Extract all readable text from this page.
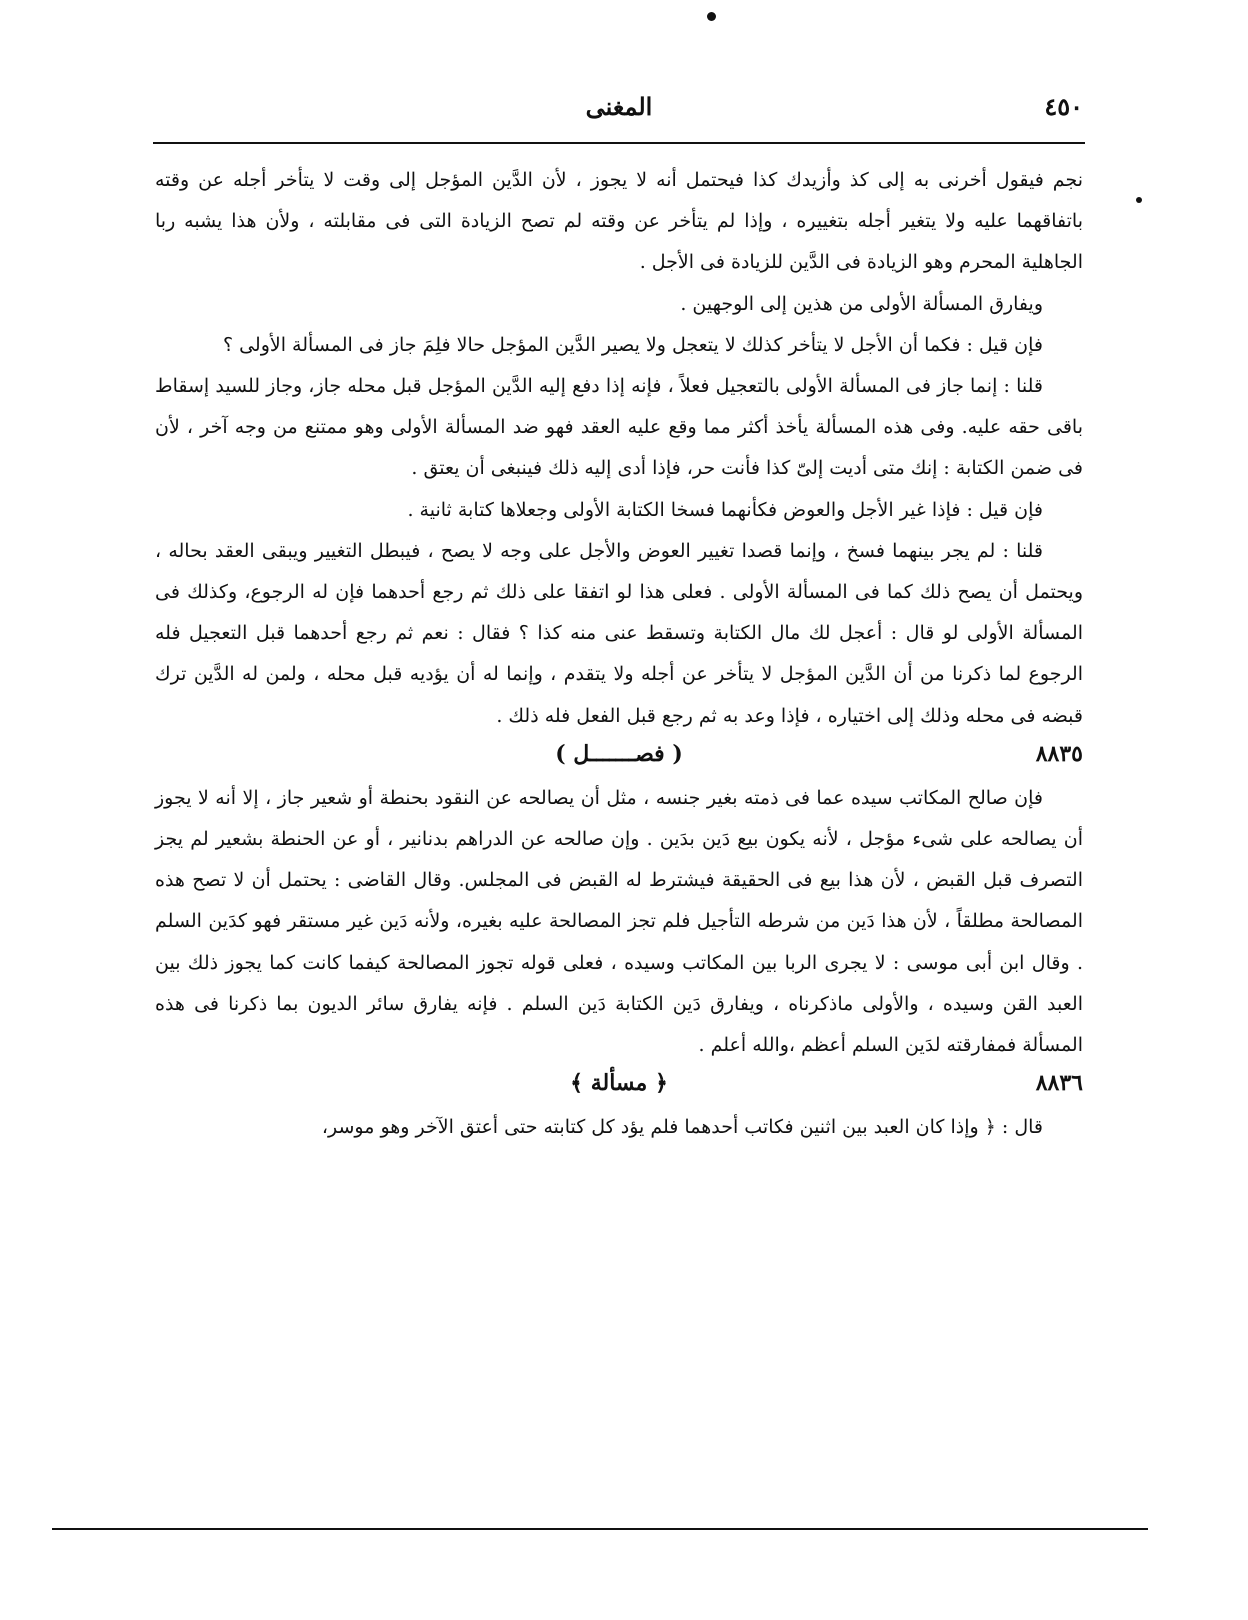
٤٥٠
المغنى

نجم فيقول أخرنى به إلى كذ وأزيدك كذا فيحتمل أنه لا يجوز ، لأن الدَّين المؤجل إلى وقت لا يتأخر أجله عن وقته باتفاقهما عليه ولا يتغير أجله بتغييره ، وإذا لم يتأخر عن وقته لم تصح الزيادة التى فى مقابلته ، ولأن هذا يشبه ربا الجاهلية المحرم وهو الزيادة فى الدَّين للزيادة فى الأجل .

ويفارق المسألة الأولى من هذين إلى الوجهين .

فإن قيل : فكما أن الأجل لا يتأخر كذلك لا يتعجل ولا يصير الدَّين المؤجل حالا فلِمَ جاز فى المسألة الأولى ؟

قلنا : إنما جاز فى المسألة الأولى بالتعجيل فعلاً ، فإنه إذا دفع إليه الدَّين المؤجل قبل محله جاز، وجاز للسيد إسقاط باقى حقه عليه. وفى هذه المسألة يأخذ أكثر مما وقع عليه العقد فهو ضد المسألة الأولى وهو ممتنع من وجه آخر ، لأن فى ضمن الكتابة : إنك متى أديت إلىّ كذا فأنت حر، فإذا أدى إليه ذلك فينبغى أن يعتق .

فإن قيل : فإذا غير الأجل والعوض فكأنهما فسخا الكتابة الأولى وجعلاها كتابة ثانية .

قلنا : لم يجر بينهما فسخ ، وإنما قصدا تغيير العوض والأجل على وجه لا يصح ، فيبطل التغيير ويبقى العقد بحاله ، ويحتمل أن يصح ذلك كما فى المسألة الأولى . فعلى هذا لو اتفقا على ذلك ثم رجع أحدهما فإن له الرجوع، وكذلك فى المسألة الأولى لو قال : أعجل لك مال الكتابة وتسقط عنى منه كذا ؟ فقال : نعم ثم رجع أحدهما قبل التعجيل فله الرجوع لما ذكرنا من أن الدَّين المؤجل لا يتأخر عن أجله ولا يتقدم ، وإنما له أن يؤديه قبل محله ، ولمن له الدَّين ترك قبضه فى محله وذلك إلى اختياره ، فإذا وعد به ثم رجع قبل الفعل فله ذلك .

٨٨٣٥
( فصـــــــل )

فإن صالح المكاتب سيده عما فى ذمته بغير جنسه ، مثل أن يصالحه عن النقود بحنطة أو شعير جاز ، إلا أنه لا يجوز أن يصالحه على شىء مؤجل ، لأنه يكون بيع دَين بدَين . وإن صالحه عن الدراهم بدنانير ، أو عن الحنطة بشعير لم يجز التصرف قبل القبض ، لأن هذا بيع فى الحقيقة فيشترط له القبض فى المجلس. وقال القاضى : يحتمل أن لا تصح هذه المصالحة مطلقاً ، لأن هذا دَين من شرطه التأجيل فلم تجز المصالحة عليه بغيره، ولأنه دَين غير مستقر فهو كدَين السلم . وقال ابن أبى موسى : لا يجرى الربا بين المكاتب وسيده ، فعلى قوله تجوز المصالحة كيفما كانت كما يجوز ذلك بين العبد القن وسيده ، والأولى ماذكرناه ، ويفارق دَين الكتابة دَين السلم . فإنه يفارق سائر الديون بما ذكرنا فى هذه المسألة فمفارقته لدَين السلم أعظم ،والله أعلم .

٨٨٣٦
﴿ مسألة ﴾

قال : ﴿ وإذا كان العبد بين اثنين فكاتب أحدهما فلم يؤد كل كتابته حتى أعتق الآخر وهو موسر،
